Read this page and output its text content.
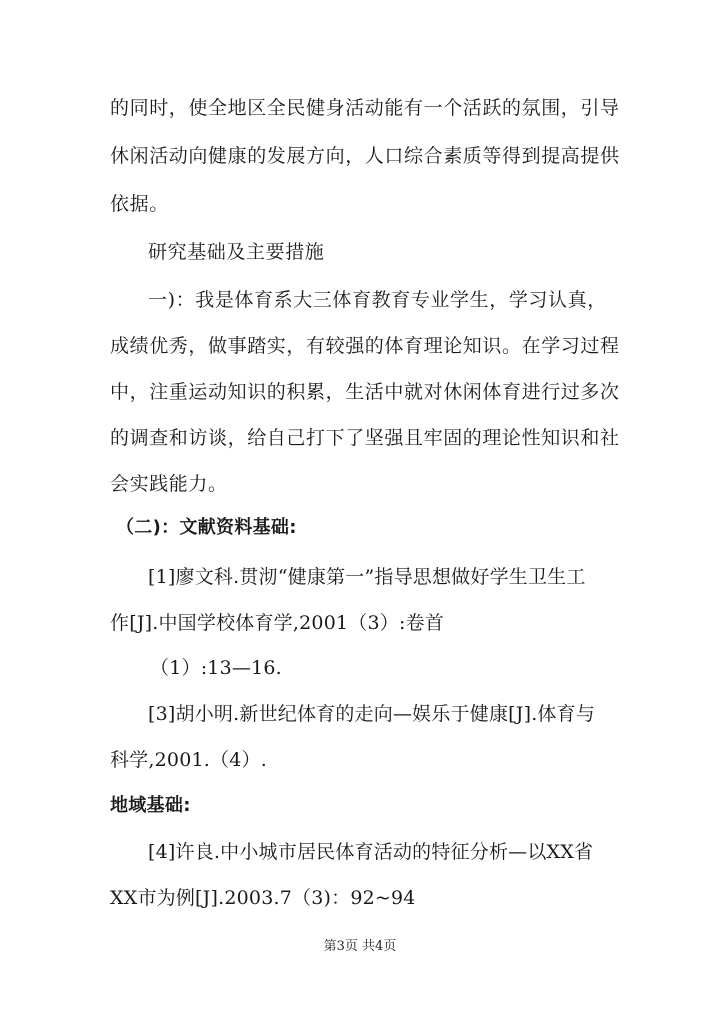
的同时，使全地区全民健身活动能有一个活跃的氛围，引导
休闲活动向健康的发展方向，人口综合素质等得到提高提供
依据。
研究基础及主要措施
一)：我是体育系大三体育教育专业学生，学习认真，
成绩优秀，做事踏实，有较强的体育理论知识。在学习过程
中，注重运动知识的积累，生活中就对休闲体育进行过多次
的调查和访谈，给自己打下了坚强且牢固的理论性知识和社
会实践能力。
（二)：文献资料基础:
[1]廖文科.贯沏“健康第一”指导思想做好学生卫生工
作[J].中国学校体育学,2001（3）:卷首
（1）:13—16.
[3]胡小明.新世纪体育的走向—娱乐于健康[J].体育与
科学,2001.（4）.
地域基础:
[4]许良.中小城市居民体育活动的特征分析—以XX省
XX市为例[J].2003.7（3)：92~94
第3页 共4页
